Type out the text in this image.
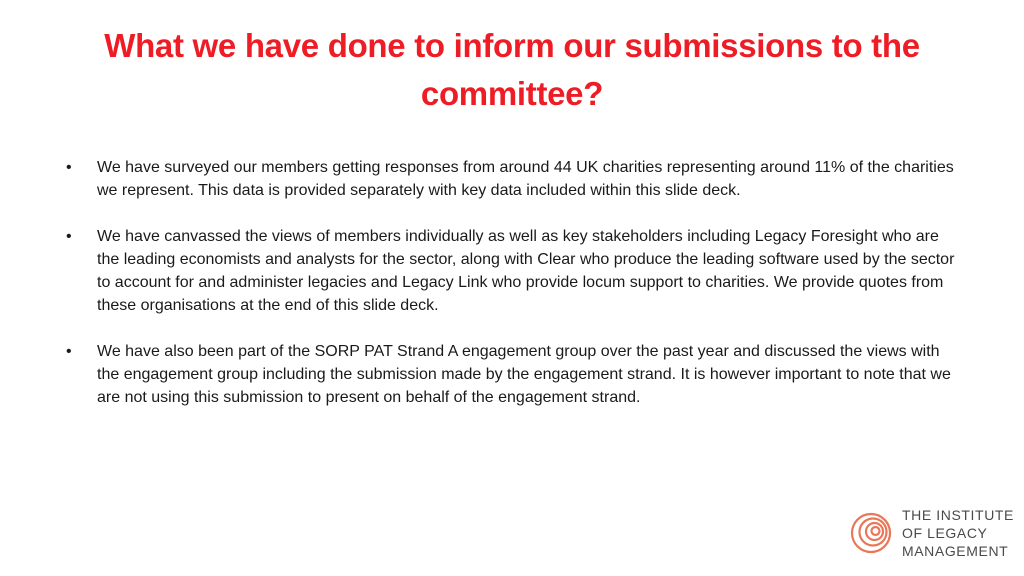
What we have done to inform our submissions to the committee?
•	We have surveyed our members getting responses from around 44 UK charities representing around 11% of the charities we represent. This data is provided separately with key data included within this slide deck.
•	We have canvassed the views of members individually as well as key stakeholders including Legacy Foresight who are the leading economists and analysts for the sector, along with Clear who produce the leading software used by the sector to account for and administer legacies and Legacy Link who provide locum support to charities. We provide quotes from these organisations at the end of this slide deck.
•	We have also been part of the SORP PAT Strand A engagement group over the past year and discussed the views with the engagement group including the submission made by the engagement strand. It is however important to note that we are not using this submission to present on behalf of the engagement strand.
THE INSTITUTE
OF LEGACY
MANAGEMENT
